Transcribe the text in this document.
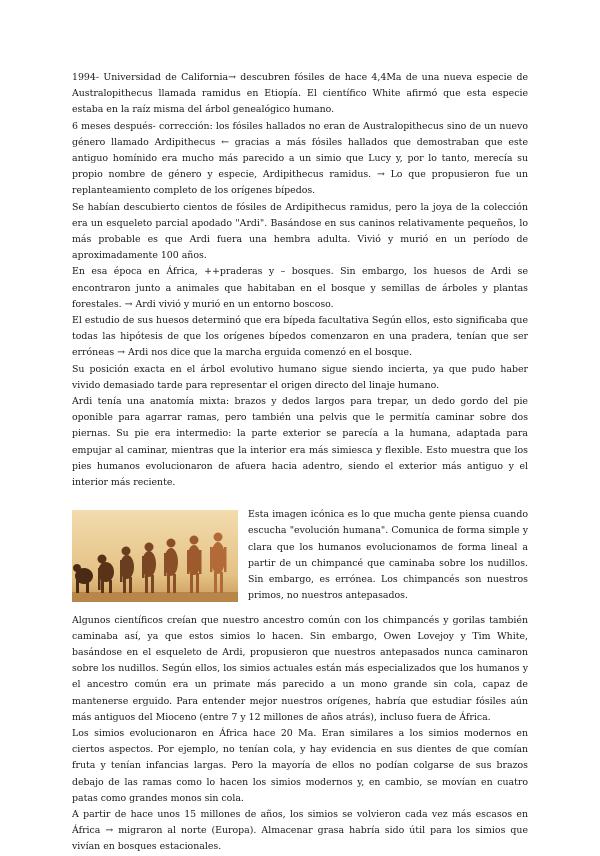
1994- Universidad de California→ descubren fósiles de hace 4,4Ma de una nueva especie de Australopithecus llamada ramidus en Etiopía. El científico White afirmó que esta especie estaba en la raíz misma del árbol genealógico humano.

6 meses después- corrección: los fósiles hallados no eran de Australopithecus sino de un nuevo género llamado Ardipithecus ← gracias a más fósiles hallados que demostraban que este antiguo homínido era mucho más parecido a un simio que Lucy y, por lo tanto, merecía su propio nombre de género y especie, Ardipithecus ramidus. → Lo que propusieron fue un replanteamiento completo de los orígenes bípedos.

Se habían descubierto cientos de fósiles de Ardipithecus ramidus, pero la joya de la colección era un esqueleto parcial apodado "Ardi". Basándose en sus caninos relativamente pequeños, lo más probable es que Ardi fuera una hembra adulta. Vivió y murió en un período de aproximadamente 100 años.

En esa época en África, ++praderas y – bosques. Sin embargo, los huesos de Ardi se encontraron junto a animales que habitaban en el bosque y semillas de árboles y plantas forestales. → Ardi vivió y murió en un entorno boscoso.

El estudio de sus huesos determinó que era bípeda facultativa Según ellos, esto significaba que todas las hipótesis de que los orígenes bípedos comenzaron en una pradera, tenían que ser erróneas → Ardi nos dice que la marcha erguida comenzó en el bosque.

Su posición exacta en el árbol evolutivo humano sigue siendo incierta, ya que pudo haber vivido demasiado tarde para representar el origen directo del linaje humano.

Ardi tenía una anatomía mixta: brazos y dedos largos para trepar, un dedo gordo del pie oponible para agarrar ramas, pero también una pelvis que le permitía caminar sobre dos piernas. Su pie era intermedio: la parte exterior se parecía a la humana, adaptada para empujar al caminar, mientras que la interior era más simiesca y flexible. Esto muestra que los pies humanos evolucionaron de afuera hacia adentro, siendo el exterior más antiguo y el interior más reciente.

Esta imagen icónica es lo que mucha gente piensa cuando escucha "evolución humana". Comunica de forma simple y clara que los humanos evolucionamos de forma lineal a partir de un chimpancé que caminaba sobre los nudillos. Sin embargo, es errónea. Los chimpancés son nuestros primos, no nuestros antepasados.

Algunos científicos creían que nuestro ancestro común con los chimpancés y gorilas también caminaba así, ya que estos simios lo hacen. Sin embargo, Owen Lovejoy y Tim White, basándose en el esqueleto de Ardi, propusieron que nuestros antepasados nunca caminaron sobre los nudillos. Según ellos, los simios actuales están más especializados que los humanos y el ancestro común era un primate más parecido a un mono grande sin cola, capaz de mantenerse erguido. Para entender mejor nuestros orígenes, habría que estudiar fósiles aún más antiguos del Mioceno (entre 7 y 12 millones de años atrás), incluso fuera de África.

Los simios evolucionaron en África hace 20 Ma. Eran similares a los simios modernos en ciertos aspectos. Por ejemplo, no tenían cola, y hay evidencia en sus dientes de que comían fruta y tenían infancias largas. Pero la mayoría de ellos no podían colgarse de sus brazos debajo de las ramas como lo hacen los simios modernos y, en cambio, se movían en cuatro patas como grandes monos sin cola.

A partir de hace unos 15 millones de años, los simios se volvieron cada vez más escasos en África → migraron al norte (Europa). Almacenar grasa habría sido útil para los simios que vivían en bosques estacionales.
